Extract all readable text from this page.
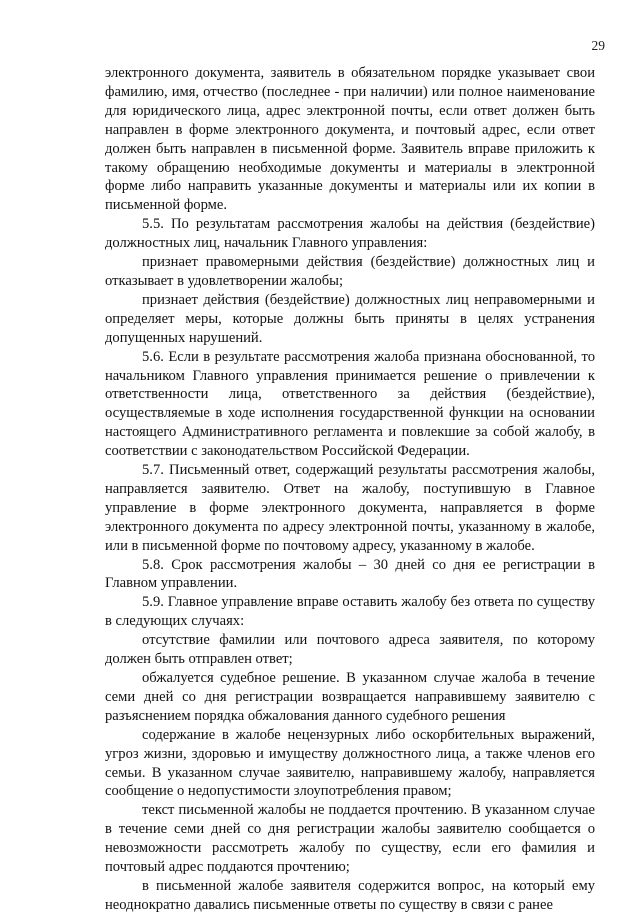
29

электронного документа, заявитель в обязательном порядке указывает свои фамилию, имя, отчество (последнее - при наличии) или полное наименование для юридического лица, адрес электронной почты, если ответ должен быть направлен в форме электронного документа, и почтовый адрес, если ответ должен быть направлен в письменной форме. Заявитель вправе приложить к такому обращению необходимые документы и материалы в электронной форме либо направить указанные документы и материалы или их копии в письменной форме.

5.5. По результатам рассмотрения жалобы на действия (бездействие) должностных лиц, начальник Главного управления:

признает правомерными действия (бездействие) должностных лиц и отказывает в удовлетворении жалобы;

признает действия (бездействие) должностных лиц неправомерными и определяет меры, которые должны быть приняты в целях устранения допущенных нарушений.

5.6. Если в результате рассмотрения жалоба признана обоснованной, то начальником Главного управления принимается решение о привлечении к ответственности лица, ответственного за действия (бездействие), осуществляемые в ходе исполнения государственной функции на основании настоящего Административного регламента и повлекшие за собой жалобу, в соответствии с законодательством Российской Федерации.

5.7. Письменный ответ, содержащий результаты рассмотрения жалобы, направляется заявителю. Ответ на жалобу, поступившую в Главное управление в форме электронного документа, направляется в форме электронного документа по адресу электронной почты, указанному в жалобе, или в письменной форме по почтовому адресу, указанному в жалобе.

5.8. Срок рассмотрения жалобы – 30 дней со дня ее регистрации в Главном управлении.

5.9. Главное управление вправе оставить жалобу без ответа по существу в следующих случаях:

отсутствие фамилии или почтового адреса заявителя, по которому должен быть отправлен ответ;

обжалуется судебное решение. В указанном случае жалоба в течение семи дней со дня регистрации возвращается направившему заявителю с разъяснением порядка обжалования данного судебного решения

содержание в жалобе нецензурных либо оскорбительных выражений, угроз жизни, здоровью и имуществу должностного лица, а также членов его семьи. В указанном случае заявителю, направившему жалобу, направляется сообщение о недопустимости злоупотребления правом;

текст письменной жалобы не поддается прочтению. В указанном случае в течение семи дней со дня регистрации жалобы заявителю сообщается о невозможности рассмотреть жалобу по существу, если его фамилия и почтовый адрес поддаются прочтению;

в письменной жалобе заявителя содержится вопрос, на который ему неоднократно давались письменные ответы по существу в связи с ранее
